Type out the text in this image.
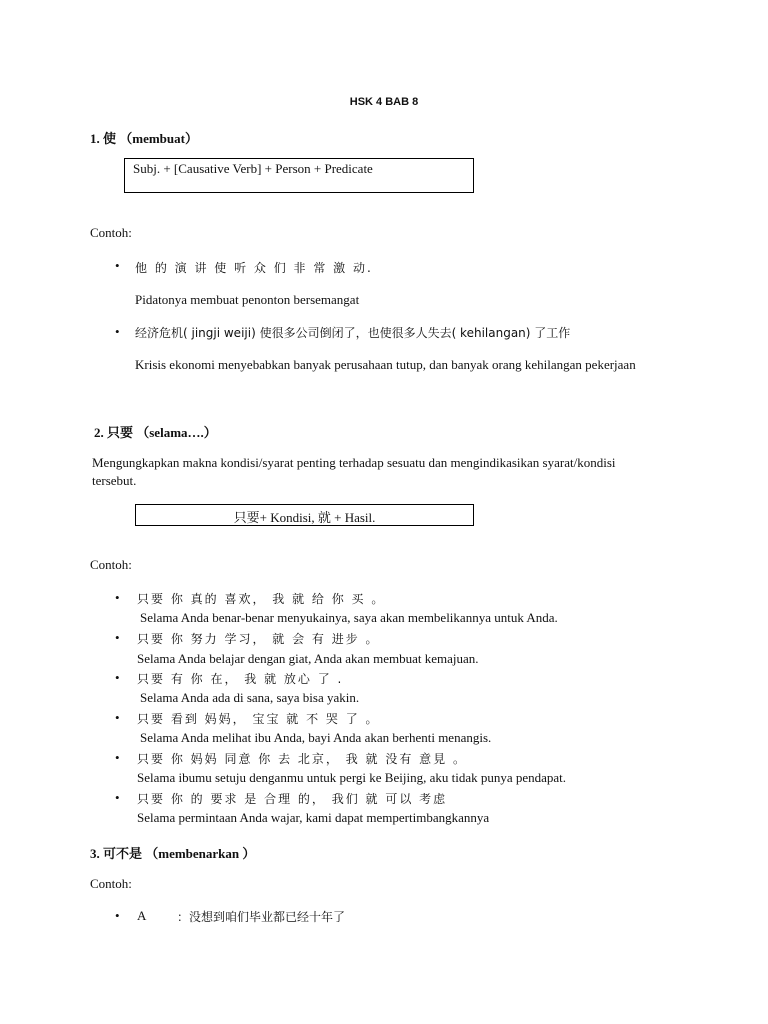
HSK 4 BAB 8
1. 使 （membuat）
Subj. + [Causative Verb] + Person + Predicate
Contoh:
• 他 的 演 讲 使 听 众 们 非 常 激 动.
Pidatonya membuat penonton bersemangat
• 经济危机( jingji weiji) 使很多公司倒闭了，也使很多人失去( kehilangan) 了工作
Krisis ekonomi menyebabkan banyak perusahaan tutup, dan banyak orang kehilangan pekerjaan
2. 只要 （selama….）
Mengungkapkan makna kondisi/syarat penting terhadap sesuatu dan mengindikasikan syarat/kondisi
tersebut.
只要+ Kondisi, 就 + Hasil.
Contoh:
• 只要 你 真的 喜欢， 我 就 给 你 买 。
Selama Anda benar-benar menyukainya, saya akan membelikannya untuk Anda.
• 只要 你 努力 学习， 就 会 有 进步 。
Selama Anda belajar dengan giat, Anda akan membuat kemajuan.
• 只要 有 你 在， 我 就 放心 了 .
Selama Anda ada di sana, saya bisa yakin.
• 只要 看到 妈妈， 宝宝 就 不 哭 了 。
Selama Anda melihat ibu Anda, bayi Anda akan berhenti menangis.
• 只要 你 妈妈 同意 你 去 北京， 我 就 没有 意見 。
Selama ibumu setuju denganmu untuk pergi ke Beijing, aku tidak punya pendapat.
• 只要 你 的 要求 是 合理 的， 我们 就 可以 考虑
Selama permintaan Anda wajar, kami dapat mempertimbangkannya
3. 可不是 （membenarkan ）
Contoh:
• A	：没想到咱们毕业都已经十年了
